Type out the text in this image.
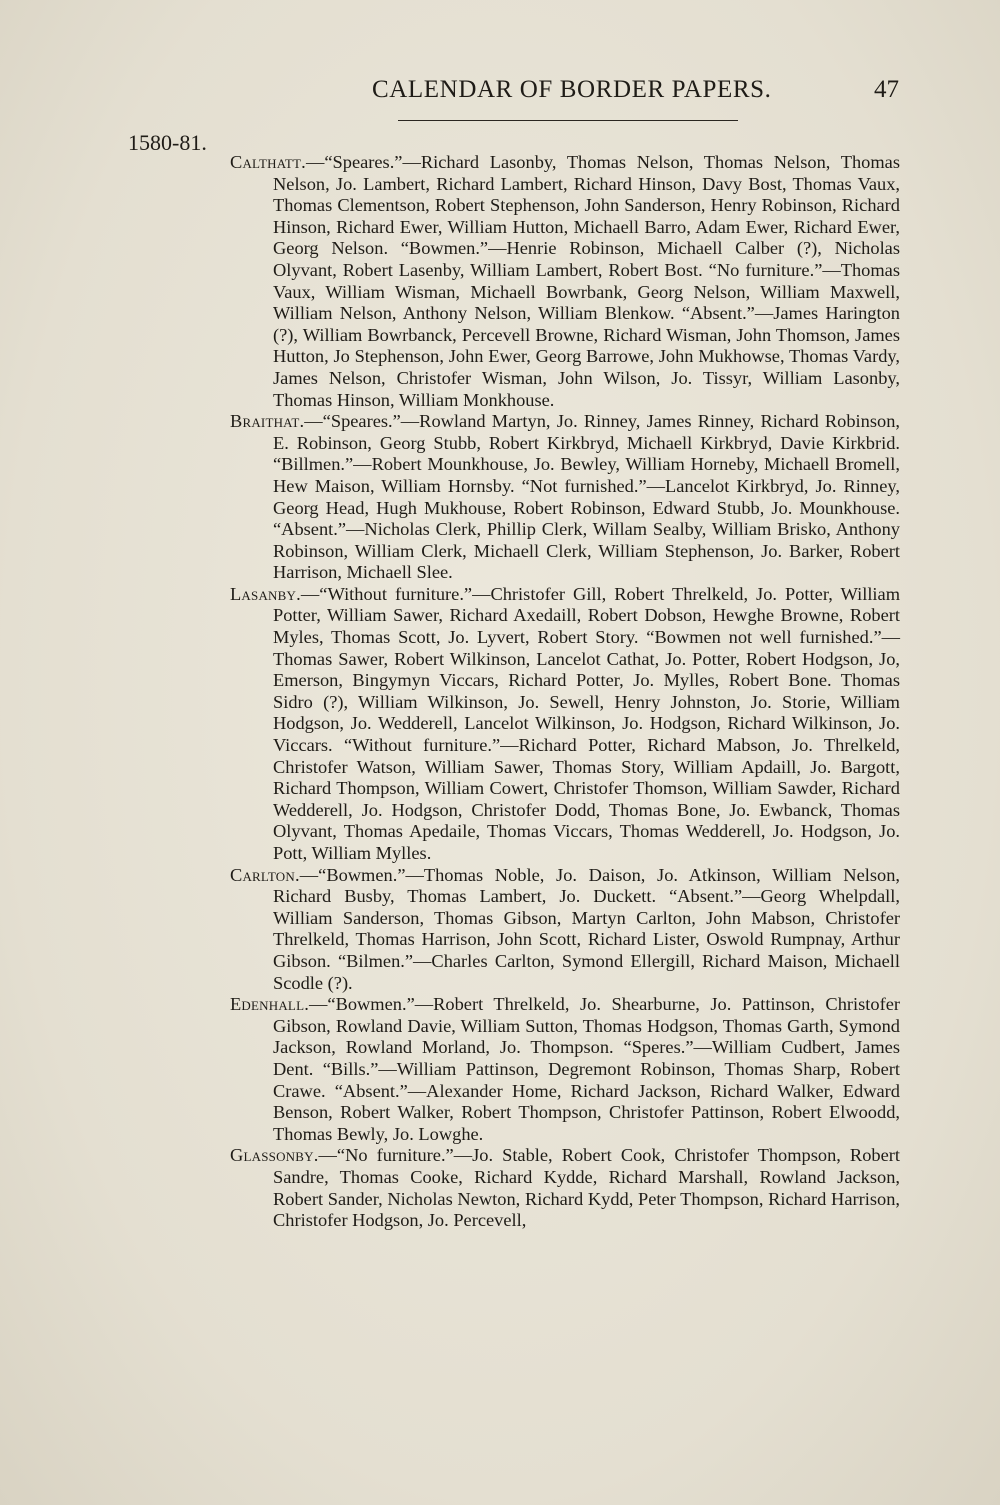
CALENDAR OF BORDER PAPERS.	47
1580-81.

Calthatt.—“Speares.”—Richard Lasonby, Thomas Nelson, Thomas Nelson, Thomas Nelson, Jo. Lambert, Richard Lambert, Richard Hinson, Davy Bost, Thomas Vaux, Thomas Clementson, Robert Stephenson, John Sanderson, Henry Robinson, Richard Hinson, Richard Ewer, William Hutton, Michaell Barro, Adam Ewer, Richard Ewer, Georg Nelson. “Bowmen.”—Henrie Robinson, Michaell Calber (?), Nicholas Olyvant, Robert Lasenby, William Lambert, Robert Bost. “No furniture.”—Thomas Vaux, William Wisman, Michaell Bowrbank, Georg Nelson, William Maxwell, William Nelson, Anthony Nelson, William Blenkow. “Absent.”—James Harington (?), William Bowrbanck, Percevell Browne, Richard Wisman, John Thomson, James Hutton, Jo Stephenson, John Ewer, Georg Barrowe, John Mukhowse, Thomas Vardy, James Nelson, Christofer Wisman, John Wilson, Jo. Tissyr, William Lasonby, Thomas Hinson, William Monkhouse.

Braithat.—“Speares.”—Rowland Martyn, Jo. Rinney, James Rinney, Richard Robinson, E. Robinson, Georg Stubb, Robert Kirkbryd, Michaell Kirkbryd, Davie Kirkbrid. “Billmen.”—Robert Mounkhouse, Jo. Bewley, William Horneby, Michaell Bromell, Hew Maison, William Hornsby. “Not furnished.”—Lancelot Kirkbryd, Jo. Rinney, Georg Head, Hugh Mukhouse, Robert Robinson, Edward Stubb, Jo. Mounkhouse. “Absent.”—Nicholas Clerk, Phillip Clerk, Willam Sealby, William Brisko, Anthony Robinson, William Clerk, Michaell Clerk, William Stephenson, Jo. Barker, Robert Harrison, Michaell Slee.

Lasanby.—“Without furniture.”—Christofer Gill, Robert Threlkeld, Jo. Potter, William Potter, William Sawer, Richard Axedaill, Robert Dobson, Hewghe Browne, Robert Myles, Thomas Scott, Jo. Lyvert, Robert Story. “Bowmen not well furnished.”—Thomas Sawer, Robert Wilkinson, Lancelot Cathat, Jo. Potter, Robert Hodgson, Jo, Emerson, Bingymyn Viccars, Richard Potter, Jo. Mylles, Robert Bone. Thomas Sidro (?), William Wilkinson, Jo. Sewell, Henry Johnston, Jo. Storie, William Hodgson, Jo. Wedderell, Lancelot Wilkinson, Jo. Hodgson, Richard Wilkinson, Jo. Viccars. “Without furniture.”—Richard Potter, Richard Mabson, Jo. Threlkeld, Christofer Watson, William Sawer, Thomas Story, William Apdaill, Jo. Bargott, Richard Thompson, William Cowert, Christofer Thomson, William Sawder, Richard Wedderell, Jo. Hodgson, Christofer Dodd, Thomas Bone, Jo. Ewbanck, Thomas Olyvant, Thomas Apedaile, Thomas Viccars, Thomas Wedderell, Jo. Hodgson, Jo. Pott, William Mylles.

Carlton.—“Bowmen.”—Thomas Noble, Jo. Daison, Jo. Atkinson, William Nelson, Richard Busby, Thomas Lambert, Jo. Duckett. “Absent.”—Georg Whelpdall, William Sanderson, Thomas Gibson, Martyn Carlton, John Mabson, Christofer Threlkeld, Thomas Harrison, John Scott, Richard Lister, Oswold Rumpnay, Arthur Gibson. “Bilmen.”—Charles Carlton, Symond Ellergill, Richard Maison, Michaell Scodle (?).

Edenhall.—“Bowmen.”—Robert Threlkeld, Jo. Shearburne, Jo. Pattinson, Christofer Gibson, Rowland Davie, William Sutton, Thomas Hodgson, Thomas Garth, Symond Jackson, Rowland Morland, Jo. Thompson. “Speres.”—William Cudbert, James Dent. “Bills.”—William Pattinson, Degremont Robinson, Thomas Sharp, Robert Crawe. “Absent.”—Alexander Home, Richard Jackson, Richard Walker, Edward Benson, Robert Walker, Robert Thompson, Christofer Pattinson, Robert Elwoodd, Thomas Bewly, Jo. Lowghe.

Glassonby.—“No furniture.”—Jo. Stable, Robert Cook, Christofer Thompson, Robert Sandre, Thomas Cooke, Richard Kydde, Richard Marshall, Rowland Jackson, Robert Sander, Nicholas Newton, Richard Kydd, Peter Thompson, Richard Harrison, Christofer Hodgson, Jo. Percevell,
